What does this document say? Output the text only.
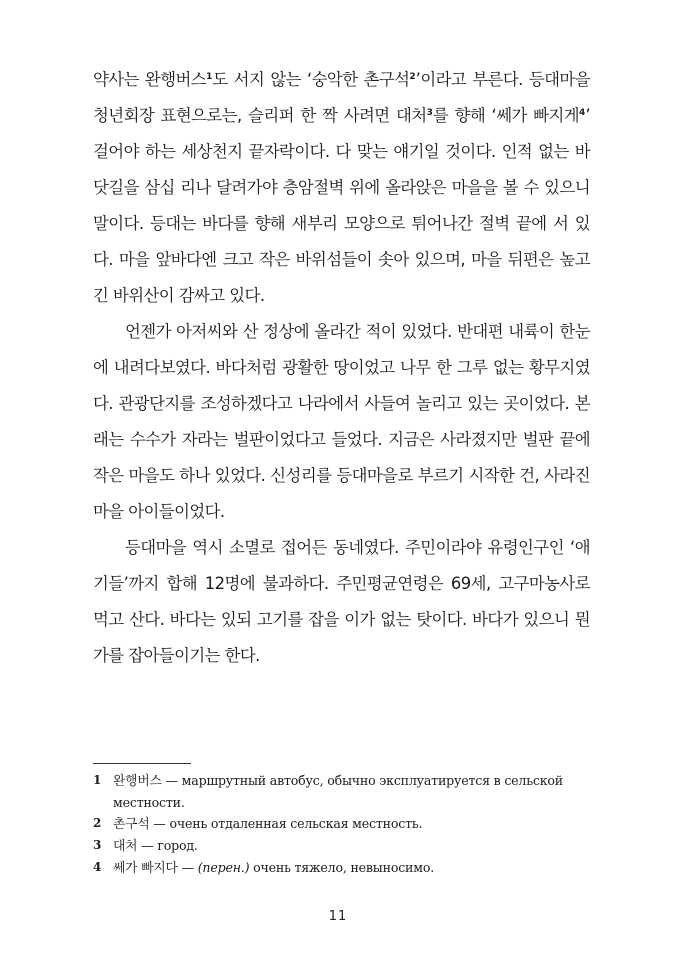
약사는 완행버스$^1$도 서지 않는 ‘숭악한 촌구석$^2$’이라고 부른다. 등대마을 청년회장 표현으로는, 슬리퍼 한 짝 사려면 대처$^3$를 향해 ‘쎄가 빠지게$^4$’ 걸어야 하는 세상천지 끝자락이다. 다 맞는 얘기일 것이다. 인적 없는 바닷길을 삼십 리나 달려가야 층암절벽 위에 올라앉은 마을을 볼 수 있으니 말이다. 등대는 바다를 향해 새부리 모양으로 튀어나간 절벽 끝에 서 있다. 마을 앞바다엔 크고 작은 바위섬들이 솟아 있으며, 마을 뒤편은 높고 긴 바위산이 감싸고 있다.

언젠가 아저씨와 산 정상에 올라간 적이 있었다. 반대편 내륙이 한눈에 내려다보였다. 바다처럼 광활한 땅이었고 나무 한 그루 없는 황무지였다. 관광단지를 조성하겠다고 나라에서 사들여 놀리고 있는 곳이었다. 본래는 수수가 자라는 벌판이었다고 들었다. 지금은 사라졌지만 벌판 끝에 작은 마을도 하나 있었다. 신성리를 등대마을로 부르기 시작한 건, 사라진 마을 아이들이었다.

등대마을 역시 소멸로 접어든 동네였다. 주민이라야 유령인구인 ‘애기들’까지 합해 12명에 불과하다. 주민평균연령은 69세, 고구마농사로 먹고 산다. 바다는 있되 고기를 잡을 이가 없는 탓이다. 바다가 있으니 뭔가를 잡아들이기는 한다.

1 완행버스 — маршрутный автобус, обычно эксплуатируется в сельской местности.
2 촌구석 — очень отдаленная сельская местность.
3 대처 — город.
4 쎄가 빠지다 — (перен.) очень тяжело, невыносимо.
11
